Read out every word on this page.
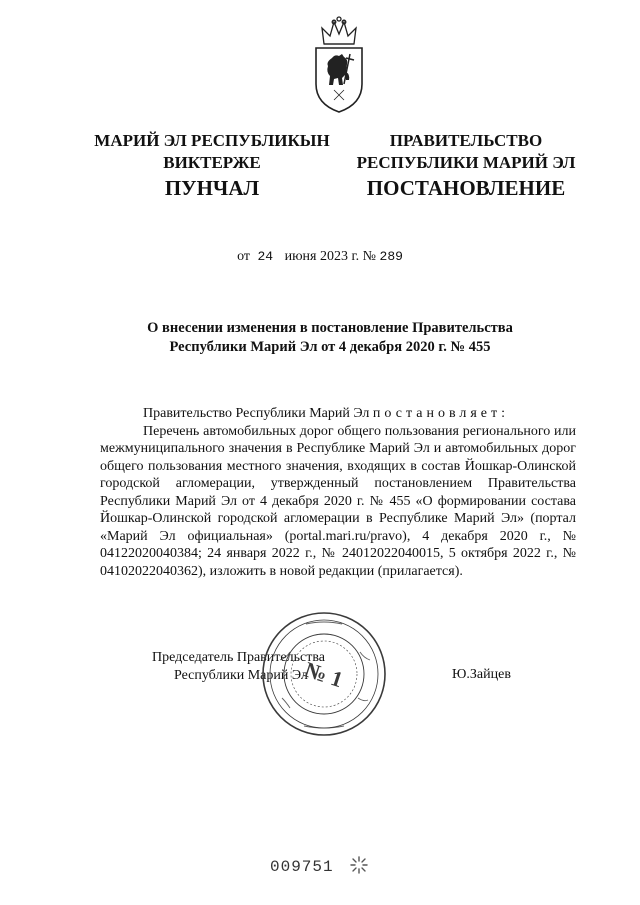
МАРИЙ ЭЛ РЕСПУБЛИКЫН
ВИКТЕРЖЕ
ПРАВИТЕЛЬСТВО
РЕСПУБЛИКИ МАРИЙ ЭЛ
ПУНЧАЛ	ПОСТАНОВЛЕНИЕ
от 24 июня 2023 г. № 289
О внесении изменения в постановление Правительства
Республики Марий Эл от 4 декабря 2020 г. № 455

Правительство Республики Марий Эл постановляет:

Перечень автомобильных дорог общего пользования регионального или межмуниципального значения в Республике Марий Эл и автомобильных дорог общего пользования местного значения, входящих в состав Йошкар-Олинской городской агломерации, утвержденный постановлением Правительства Республики Марий Эл от 4 декабря 2020 г. № 455 «О формировании состава Йошкар-Олинской городской агломерации в Республике Марий Эл» (портал «Марий Эл официальная» (portal.mari.ru/pravo), 4 декабря 2020 г., № 04122020040384; 24 января 2022 г., № 24012022040015, 5 октября 2022 г., № 04102022040362), изложить в новой редакции (прилагается).

Председатель Правительства
Республики Марий Эл	Ю.Зайцев
№ 1
009751
